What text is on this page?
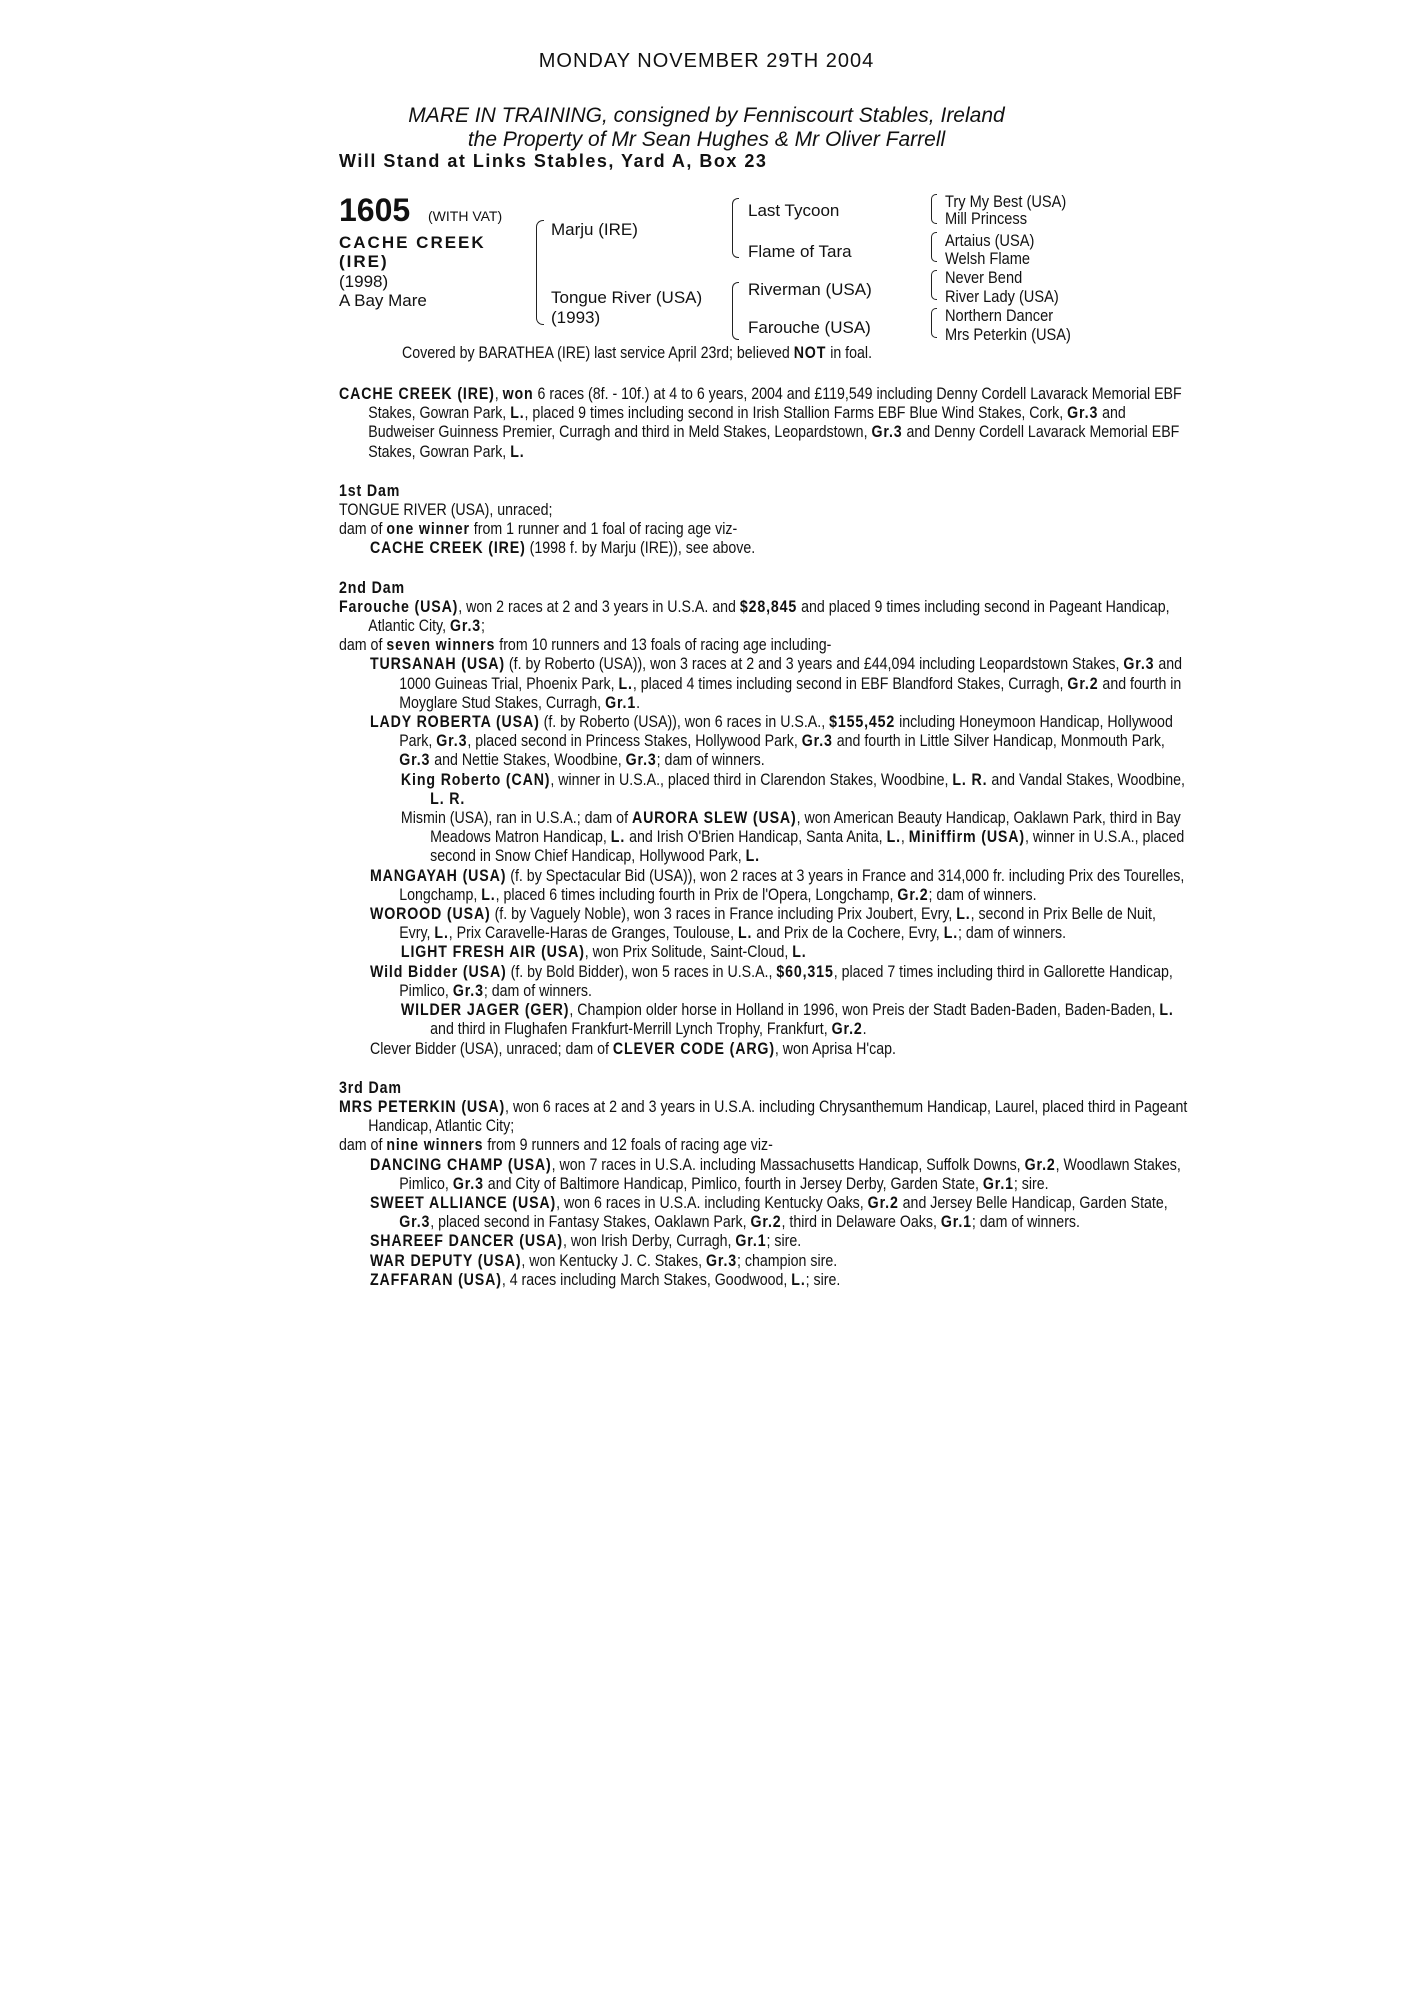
MONDAY NOVEMBER 29TH 2004
MARE IN TRAINING, consigned by Fenniscourt Stables, Ireland
the Property of Mr Sean Hughes & Mr Oliver Farrell
Will Stand at Links Stables, Yard A, Box 23
1605 (WITH VAT)
CACHE CREEK
(IRE)
(1998)
A Bay Mare
Marju (IRE)
Tongue River (USA)
(1993)
Last Tycoon
Flame of Tara
Riverman (USA)
Farouche (USA)
Try My Best (USA)
Mill Princess
Artaius (USA)
Welsh Flame
Never Bend
River Lady (USA)
Northern Dancer
Mrs Peterkin (USA)
Covered by BARATHEA (IRE) last service April 23rd; believed NOT in foal.
CACHE CREEK (IRE), won 6 races (8f. - 10f.) at 4 to 6 years, 2004 and £119,549 including Denny Cordell Lavarack Memorial EBF Stakes, Gowran Park, L., placed 9 times including second in Irish Stallion Farms EBF Blue Wind Stakes, Cork, Gr.3 and Budweiser Guinness Premier, Curragh and third in Meld Stakes, Leopardstown, Gr.3 and Denny Cordell Lavarack Memorial EBF Stakes, Gowran Park, L.
1st Dam
TONGUE RIVER (USA), unraced;
dam of one winner from 1 runner and 1 foal of racing age viz-
CACHE CREEK (IRE) (1998 f. by Marju (IRE)), see above.
2nd Dam
Farouche (USA), won 2 races at 2 and 3 years in U.S.A. and $28,845 and placed 9 times including second in Pageant Handicap, Atlantic City, Gr.3;
dam of seven winners from 10 runners and 13 foals of racing age including-
TURSANAH (USA) (f. by Roberto (USA)), won 3 races at 2 and 3 years and £44,094 including Leopardstown Stakes, Gr.3 and 1000 Guineas Trial, Phoenix Park, L., placed 4 times including second in EBF Blandford Stakes, Curragh, Gr.2 and fourth in Moyglare Stud Stakes, Curragh, Gr.1.
LADY ROBERTA (USA) (f. by Roberto (USA)), won 6 races in U.S.A., $155,452 including Honeymoon Handicap, Hollywood Park, Gr.3, placed second in Princess Stakes, Hollywood Park, Gr.3 and fourth in Little Silver Handicap, Monmouth Park, Gr.3 and Nettie Stakes, Woodbine, Gr.3; dam of winners.
King Roberto (CAN), winner in U.S.A., placed third in Clarendon Stakes, Woodbine, L. R. and Vandal Stakes, Woodbine, L. R.
Mismin (USA), ran in U.S.A.; dam of AURORA SLEW (USA), won American Beauty Handicap, Oaklawn Park, third in Bay Meadows Matron Handicap, L. and Irish O'Brien Handicap, Santa Anita, L., Miniffirm (USA), winner in U.S.A., placed second in Snow Chief Handicap, Hollywood Park, L.
MANGAYAH (USA) (f. by Spectacular Bid (USA)), won 2 races at 3 years in France and 314,000 fr. including Prix des Tourelles, Longchamp, L., placed 6 times including fourth in Prix de l'Opera, Longchamp, Gr.2; dam of winners.
WOROOD (USA) (f. by Vaguely Noble), won 3 races in France including Prix Joubert, Evry, L., second in Prix Belle de Nuit, Evry, L., Prix Caravelle-Haras de Granges, Toulouse, L. and Prix de la Cochere, Evry, L.; dam of winners.
LIGHT FRESH AIR (USA), won Prix Solitude, Saint-Cloud, L.
Wild Bidder (USA) (f. by Bold Bidder), won 5 races in U.S.A., $60,315, placed 7 times including third in Gallorette Handicap, Pimlico, Gr.3; dam of winners.
WILDER JAGER (GER), Champion older horse in Holland in 1996, won Preis der Stadt Baden-Baden, Baden-Baden, L. and third in Flughafen Frankfurt-Merrill Lynch Trophy, Frankfurt, Gr.2.
Clever Bidder (USA), unraced; dam of CLEVER CODE (ARG), won Aprisa H'cap.
3rd Dam
MRS PETERKIN (USA), won 6 races at 2 and 3 years in U.S.A. including Chrysanthemum Handicap, Laurel, placed third in Pageant Handicap, Atlantic City;
dam of nine winners from 9 runners and 12 foals of racing age viz-
DANCING CHAMP (USA), won 7 races in U.S.A. including Massachusetts Handicap, Suffolk Downs, Gr.2, Woodlawn Stakes, Pimlico, Gr.3 and City of Baltimore Handicap, Pimlico, fourth in Jersey Derby, Garden State, Gr.1; sire.
SWEET ALLIANCE (USA), won 6 races in U.S.A. including Kentucky Oaks, Gr.2 and Jersey Belle Handicap, Garden State, Gr.3, placed second in Fantasy Stakes, Oaklawn Park, Gr.2, third in Delaware Oaks, Gr.1; dam of winners.
SHAREEF DANCER (USA), won Irish Derby, Curragh, Gr.1; sire.
WAR DEPUTY (USA), won Kentucky J. C. Stakes, Gr.3; champion sire.
ZAFFARAN (USA), 4 races including March Stakes, Goodwood, L.; sire.
